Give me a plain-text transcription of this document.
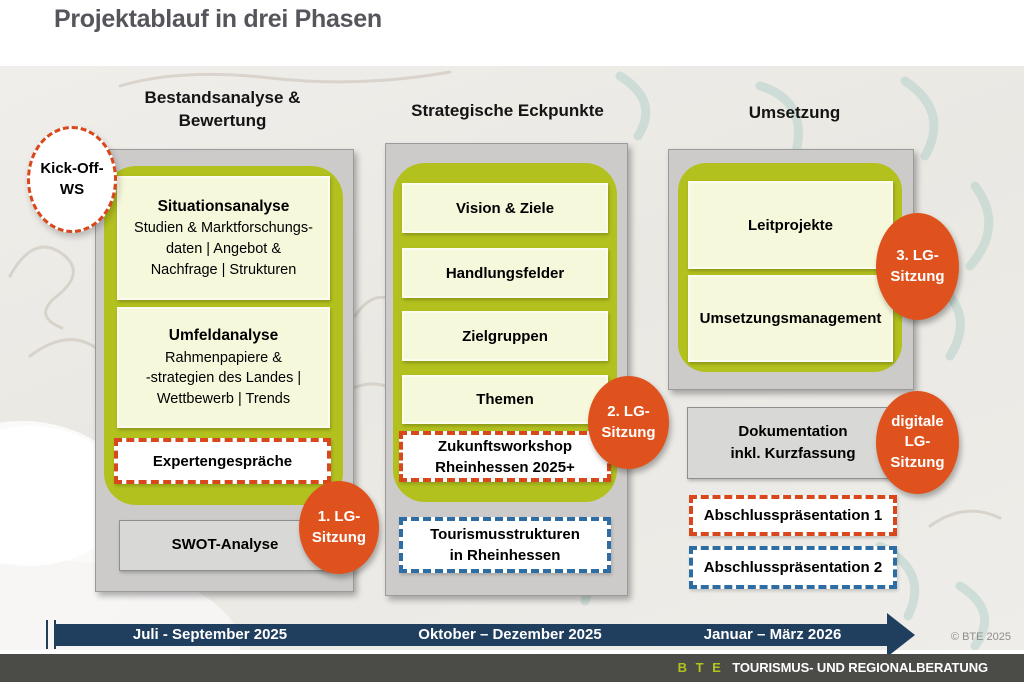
Projektablauf in drei Phasen
Bestandsanalyse & Bewertung
Strategische Eckpunkte	Umsetzung
Situationsanalyse
Studien & Marktforschungs-
daten | Angebot &
Nachfrage | Strukturen
Umfeldanalyse
Rahmenpapiere &
-strategien des Landes |
Wettbewerb | Trends
Expertengespräche
SWOT-Analyse
Kick-Off-
WS
1. LG-
Sitzung
Vision & Ziele
Handlungsfelder
Zielgruppen
Themen
Zukunftsworkshop
Rheinhessen 2025+
Tourismusstrukturen
in Rheinhessen
2. LG-
Sitzung
Leitprojekte
Umsetzungsmanagement
Dokumentation
inkl. Kurzfassung
Abschlusspräsentation 1
Abschlusspräsentation 2
3. LG-
Sitzung
digitale
LG-
Sitzung
Juli - September 2025	Oktober – Dezember 2025	Januar – März 2026	© BTE 2025
B T E TOURISMUS- UND REGIONALBERATUNG
